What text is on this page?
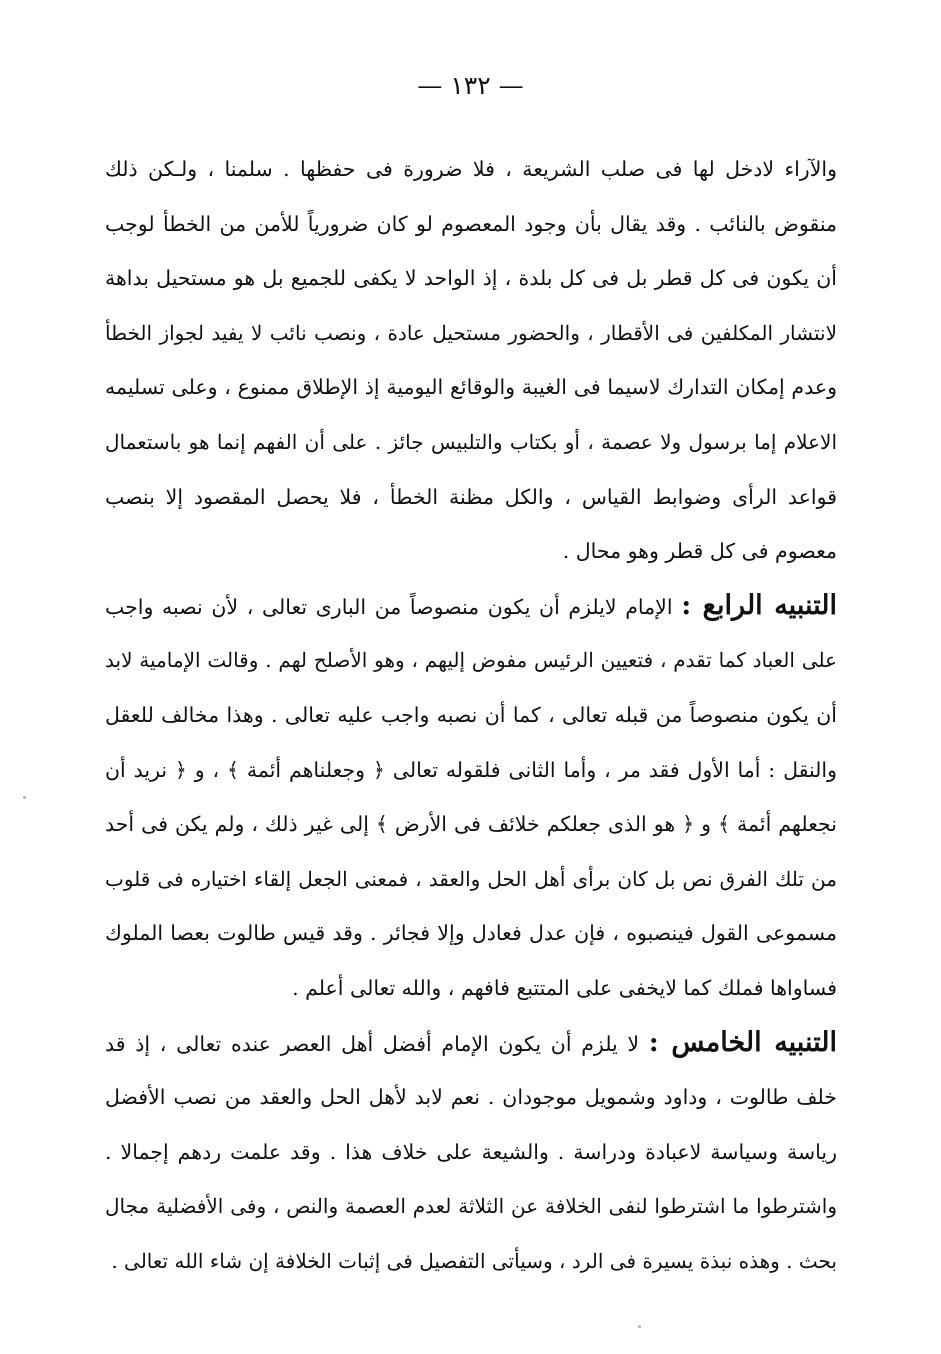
— ١٣٢ —
والآراء لادخل لها فى صلب الشريعة ، فلا ضرورة فى حفظها . سلمنا ، ولـكن ذلك
منقوض بالنائب . وقد يقال بأن وجود المعصوم لو كان ضرورياً للأمن من الخطأ لوجب
أن يكون فى كل قطر بل فى كل بلدة ، إذ الواحد لا يكفى للجميع بل هو مستحيل بداهة
لانتشار المكلفين فى الأقطار ، والحضور مستحيل عادة ، ونصب نائب لا يفيد لجواز الخطأ
وعدم إمكان التدارك لاسيما فى الغيبة والوقائع اليومية إذ الإطلاق ممنوع ، وعلى تسليمه
الاعلام إما برسول ولا عصمة ، أو بكتاب والتلبيس جائز . على أن الفهم إنما هو باستعمال
قواعد الرأى وضوابط القياس ، والكل مظنة الخطأ ، فلا يحصل المقصود إلا بنصب
معصوم فى كل قطر وهو محال .
التنبيه الرابع : الإمام لايلزم أن يكون منصوصاً من البارى تعالى ، لأن نصبه واجب
على العباد كما تقدم ، فتعيين الرئيس مفوض إليهم ، وهو الأصلح لهم . وقالت الإمامية لابد
أن يكون منصوصاً من قبله تعالى ، كما أن نصبه واجب عليه تعالى . وهذا مخالف للعقل
والنقل : أما الأول فقد مر ، وأما الثانى فلقوله تعالى ﴿ وجعلناهم أئمة ﴾ ، و ﴿ نريد أن
نجعلهم أئمة ﴾ و ﴿ هو الذى جعلكم خلائف فى الأرض ﴾ إلى غير ذلك ، ولم يكن فى أحد
من تلك الفرق نص بل كان برأى أهل الحل والعقد ، فمعنى الجعل إلقاء اختياره فى قلوب
مسموعى القول فينصبوه ، فإن عدل فعادل وإلا فجائر . وقد قيس طالوت بعصا الملوك
فساواها فملك كما لايخفى على المتتبع فافهم ، والله تعالى أعلم .
التنبيه الخامس : لا يلزم أن يكون الإمام أفضل أهل العصر عنده تعالى ، إذ قد
خلف طالوت ، وداود وشمويل موجودان . نعم لابد لأهل الحل والعقد من نصب الأفضل
رياسة وسياسة لاعبادة ودراسة . والشيعة على خلاف هذا . وقد علمت ردهم إجمالا .
واشترطوا ما اشترطوا لنفى الخلافة عن الثلاثة لعدم العصمة والنص ، وفى الأفضلية مجال
بحث . وهذه نبذة يسيرة فى الرد ، وسيأتى التفصيل فى إثبات الخلافة إن شاء الله تعالى .
